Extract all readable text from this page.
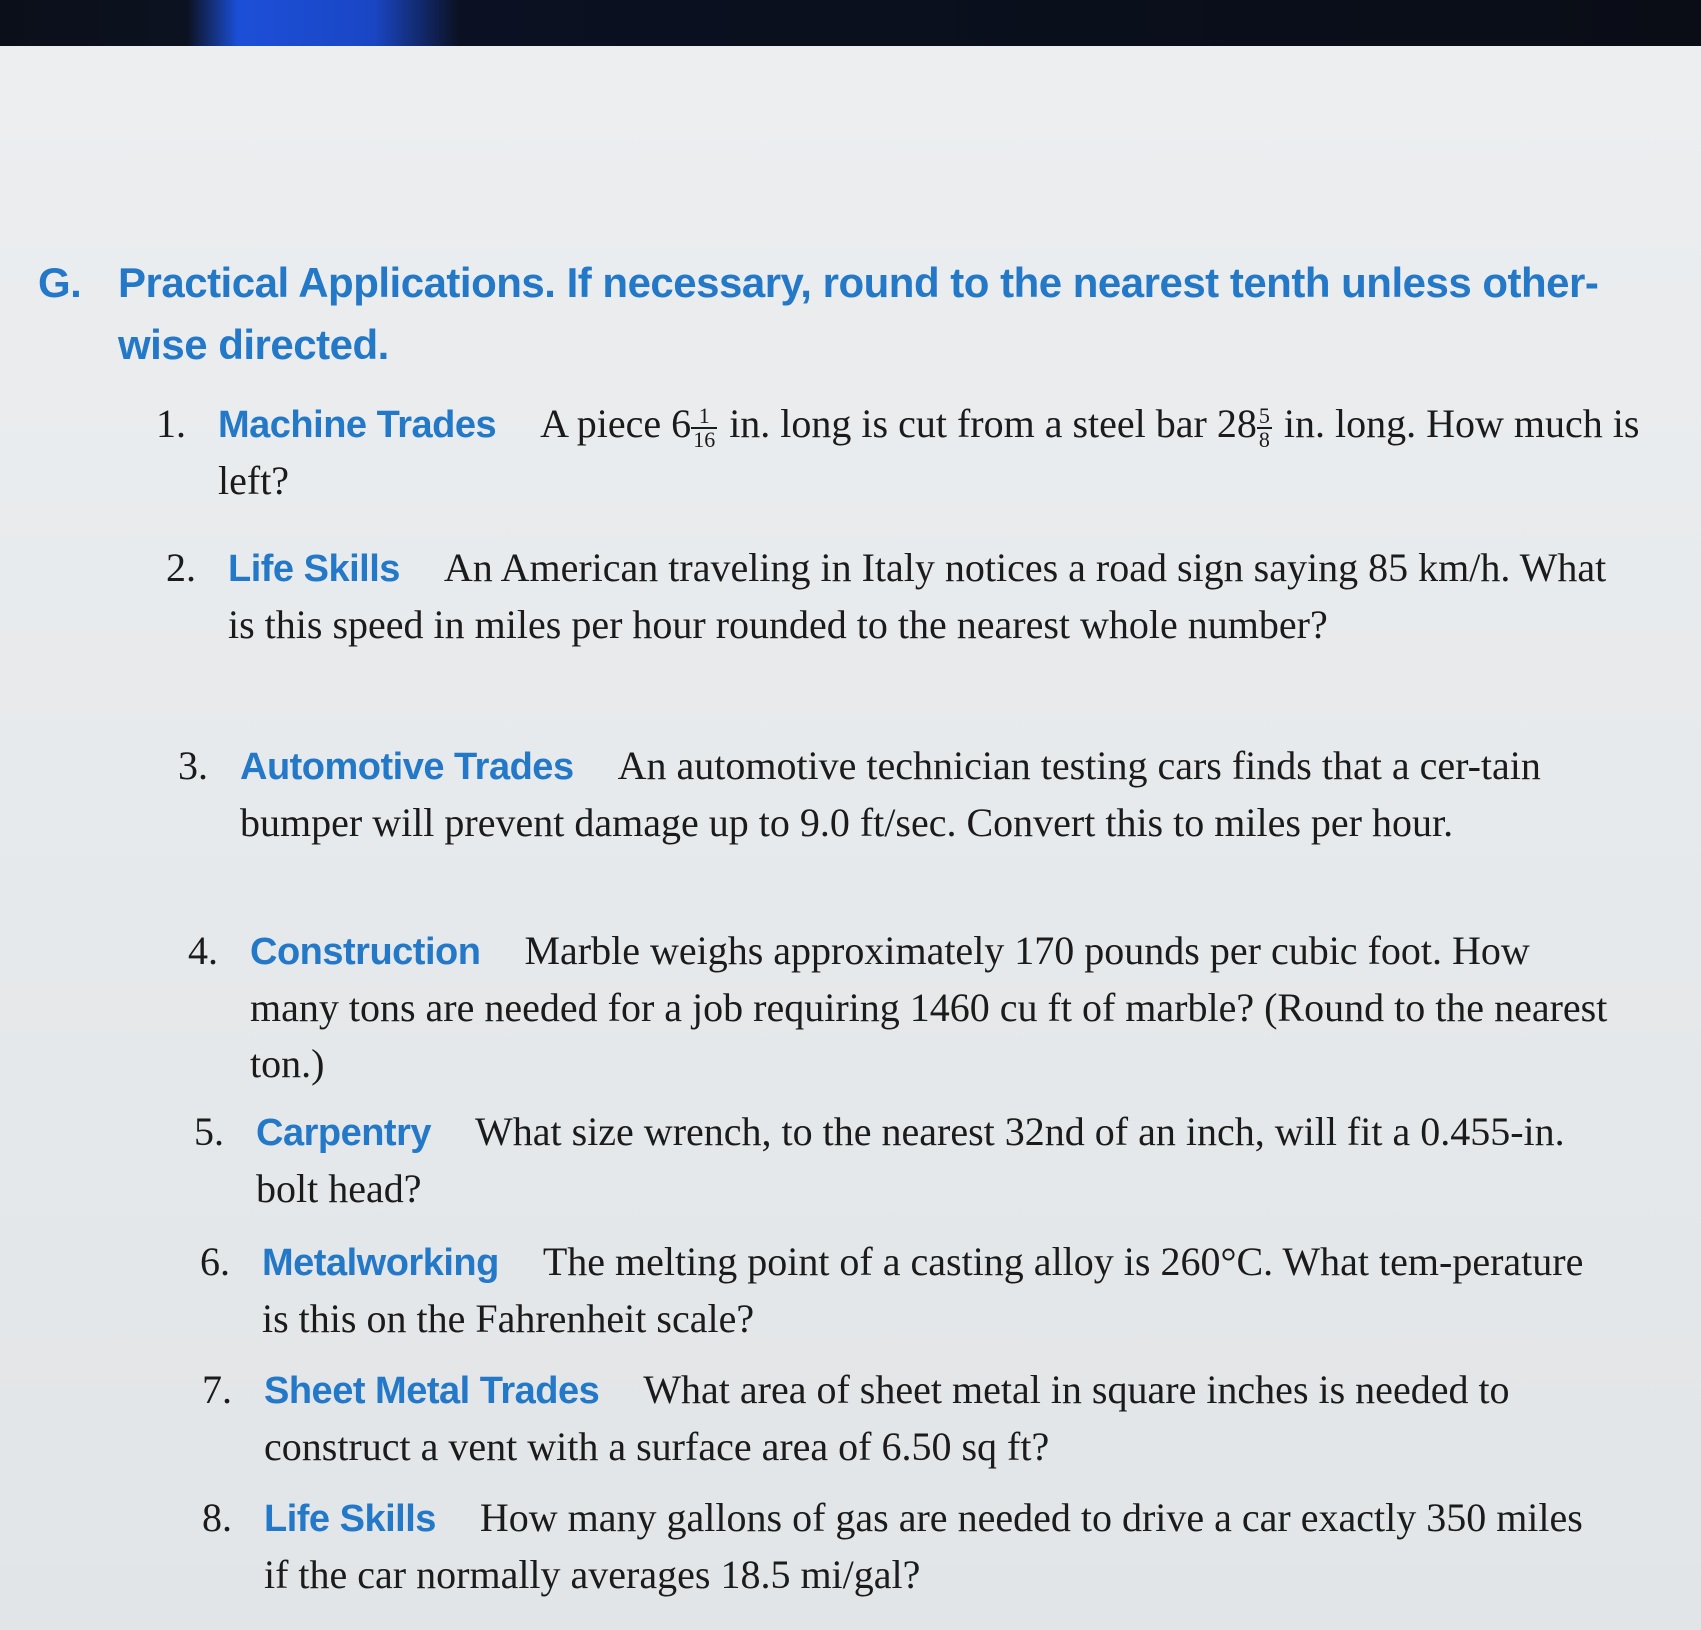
G. Practical Applications. If necessary, round to the nearest tenth unless other-wise directed.
1. Machine Trades A piece $6 \frac{1}{16}$ in. long is cut from a steel bar $28 \frac{5}{8}$ in. long. How much is left?
2. Life Skills An American traveling in Italy notices a road sign saying 85 km/h. What is this speed in miles per hour rounded to the nearest whole number?
3. Automotive Trades An automotive technician testing cars finds that a cer-tain bumper will prevent damage up to 9.0 ft/sec. Convert this to miles per hour.
4. Construction Marble weighs approximately 170 pounds per cubic foot. How many tons are needed for a job requiring 1460 cu ft of marble? (Round to the nearest ton.)
5. Carpentry What size wrench, to the nearest 32nd of an inch, will fit a 0.455-in. bolt head?
6. Metalworking The melting point of a casting alloy is 260°C. What tem-perature is this on the Fahrenheit scale?
7. Sheet Metal Trades What area of sheet metal in square inches is needed to construct a vent with a surface area of 6.50 sq ft?
8. Life Skills How many gallons of gas are needed to drive a car exactly 350 miles if the car normally averages 18.5 mi/gal?
